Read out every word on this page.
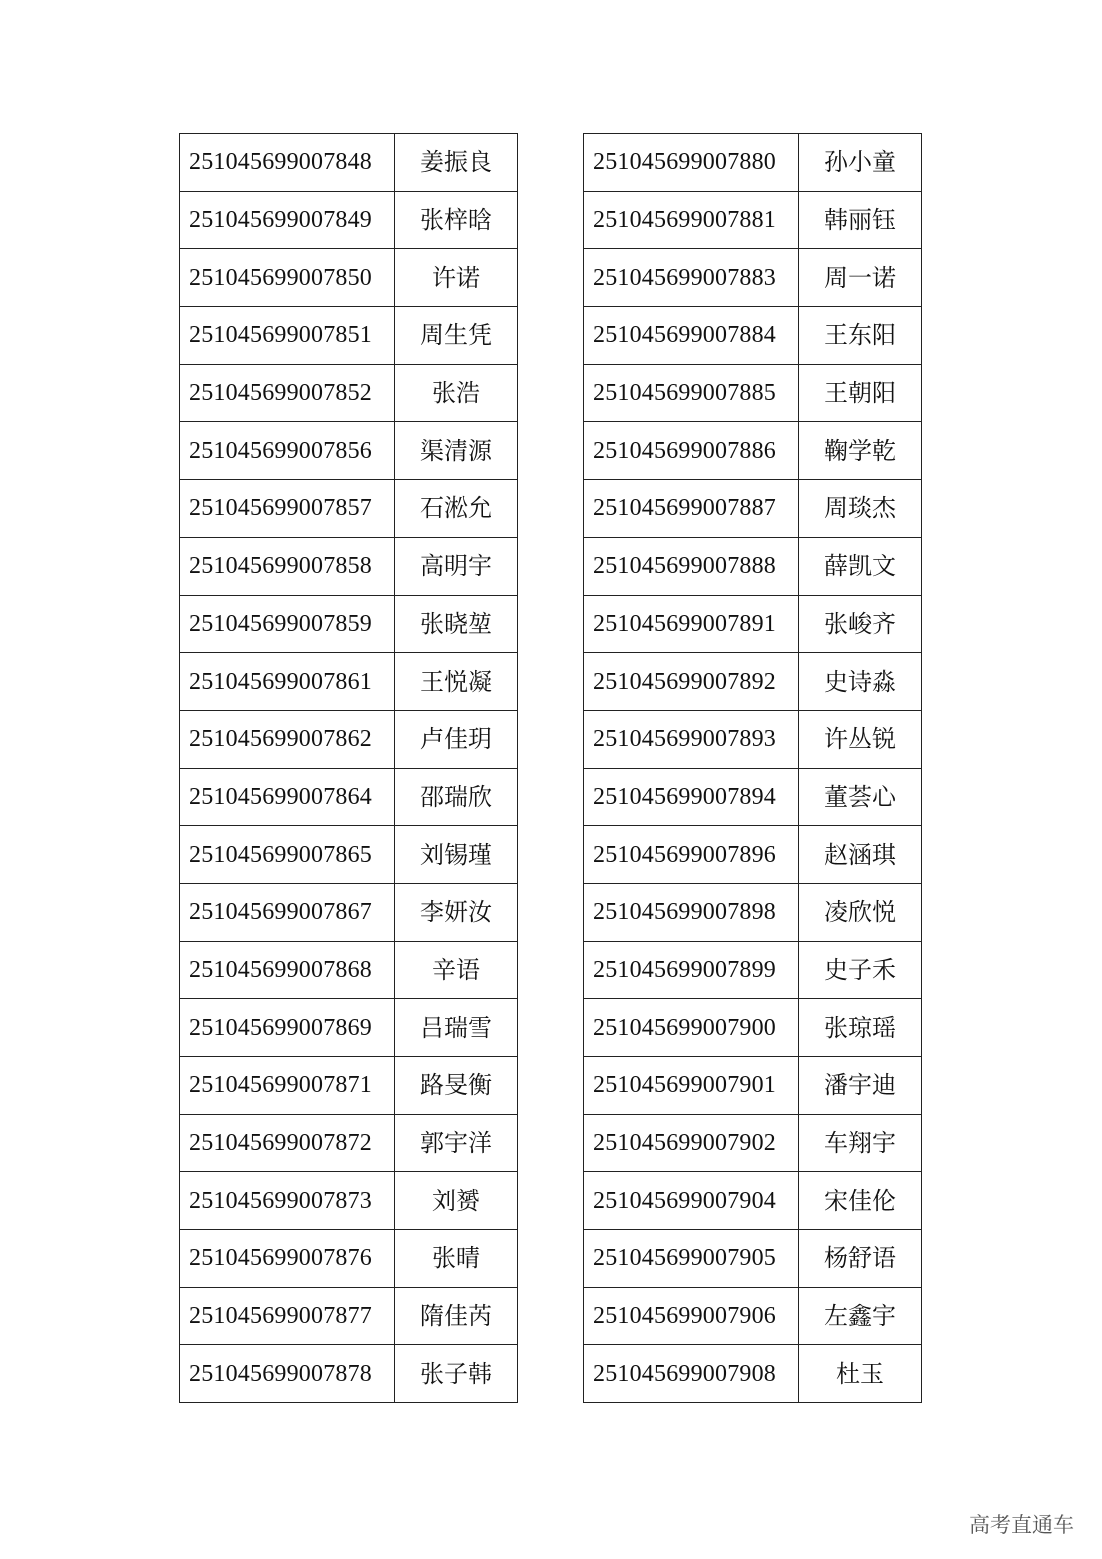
251045699007848	姜振良
251045699007849	张梓晗
251045699007850	许诺
251045699007851	周生凭
251045699007852	张浩
251045699007856	渠清源
251045699007857	石淞允
251045699007858	高明宇
251045699007859	张晓堃
251045699007861	王悦凝
251045699007862	卢佳玥
251045699007864	邵瑞欣
251045699007865	刘锡瑾
251045699007867	李妍汝
251045699007868	辛语
251045699007869	吕瑞雪
251045699007871	路旻衡
251045699007872	郭宇洋
251045699007873	刘赟
251045699007876	张晴
251045699007877	隋佳芮
251045699007878	张子韩
251045699007880	孙小童
251045699007881	韩丽钰
251045699007883	周一诺
251045699007884	王东阳
251045699007885	王朝阳
251045699007886	鞠学乾
251045699007887	周琰杰
251045699007888	薛凯文
251045699007891	张峻齐
251045699007892	史诗淼
251045699007893	许丛锐
251045699007894	董荟心
251045699007896	赵涵琪
251045699007898	凌欣悦
251045699007899	史子禾
251045699007900	张琼瑶
251045699007901	潘宇迪
251045699007902	车翔宇
251045699007904	宋佳伦
251045699007905	杨舒语
251045699007906	左鑫宇
251045699007908	杜玉
高考直通车
